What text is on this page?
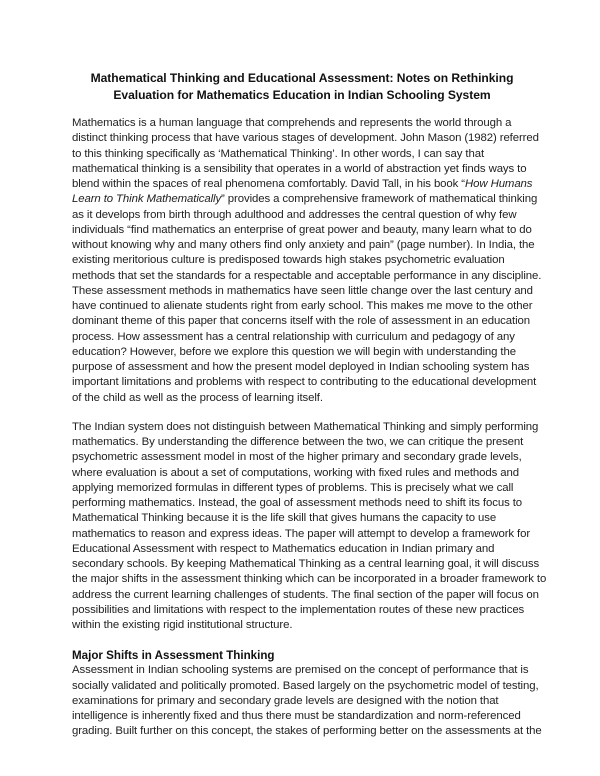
Mathematical Thinking and Educational Assessment: Notes on Rethinking
Evaluation for Mathematics Education in Indian Schooling System
Mathematics is a human language that comprehends and represents the world through a
distinct thinking process that have various stages of development. John Mason (1982) referred
to this thinking specifically as ‘Mathematical Thinking’. In other words, I can say that
mathematical thinking is a sensibility that operates in a world of abstraction yet finds ways to
blend within the spaces of real phenomena comfortably. David Tall, in his book “How Humans
Learn to Think Mathematically” provides a comprehensive framework of mathematical thinking
as it develops from birth through adulthood and addresses the central question of why few
individuals “find mathematics an enterprise of great power and beauty, many learn what to do
without knowing why and many others find only anxiety and pain” (page number). In India, the
existing meritorious culture is predisposed towards high stakes psychometric evaluation
methods that set the standards for a respectable and acceptable performance in any discipline.
These assessment methods in mathematics have seen little change over the last century and
have continued to alienate students right from early school. This makes me move to the other
dominant theme of this paper that concerns itself with the role of assessment in an education
process. How assessment has a central relationship with curriculum and pedagogy of any
education? However, before we explore this question we will begin with understanding the
purpose of assessment and how the present model deployed in Indian schooling system has
important limitations and problems with respect to contributing to the educational development
of the child as well as the process of learning itself.
The Indian system does not distinguish between Mathematical Thinking and simply performing
mathematics. By understanding the difference between the two, we can critique the present
psychometric assessment model in most of the higher primary and secondary grade levels,
where evaluation is about a set of computations, working with fixed rules and methods and
applying memorized formulas in different types of problems. This is precisely what we call
performing mathematics. Instead, the goal of assessment methods need to shift its focus to
Mathematical Thinking because it is the life skill that gives humans the capacity to use
mathematics to reason and express ideas. The paper will attempt to develop a framework for
Educational Assessment with respect to Mathematics education in Indian primary and
secondary schools. By keeping Mathematical Thinking as a central learning goal, it will discuss
the major shifts in the assessment thinking which can be incorporated in a broader framework to
address the current learning challenges of students. The final section of the paper will focus on
possibilities and limitations with respect to the implementation routes of these new practices
within the existing rigid institutional structure.
Major Shifts in Assessment Thinking
Assessment in Indian schooling systems are premised on the concept of performance that is
socially validated and politically promoted. Based largely on the psychometric model of testing,
examinations for primary and secondary grade levels are designed with the notion that
intelligence is inherently fixed and thus there must be standardization and norm-referenced
grading. Built further on this concept, the stakes of performing better on the assessments at the
